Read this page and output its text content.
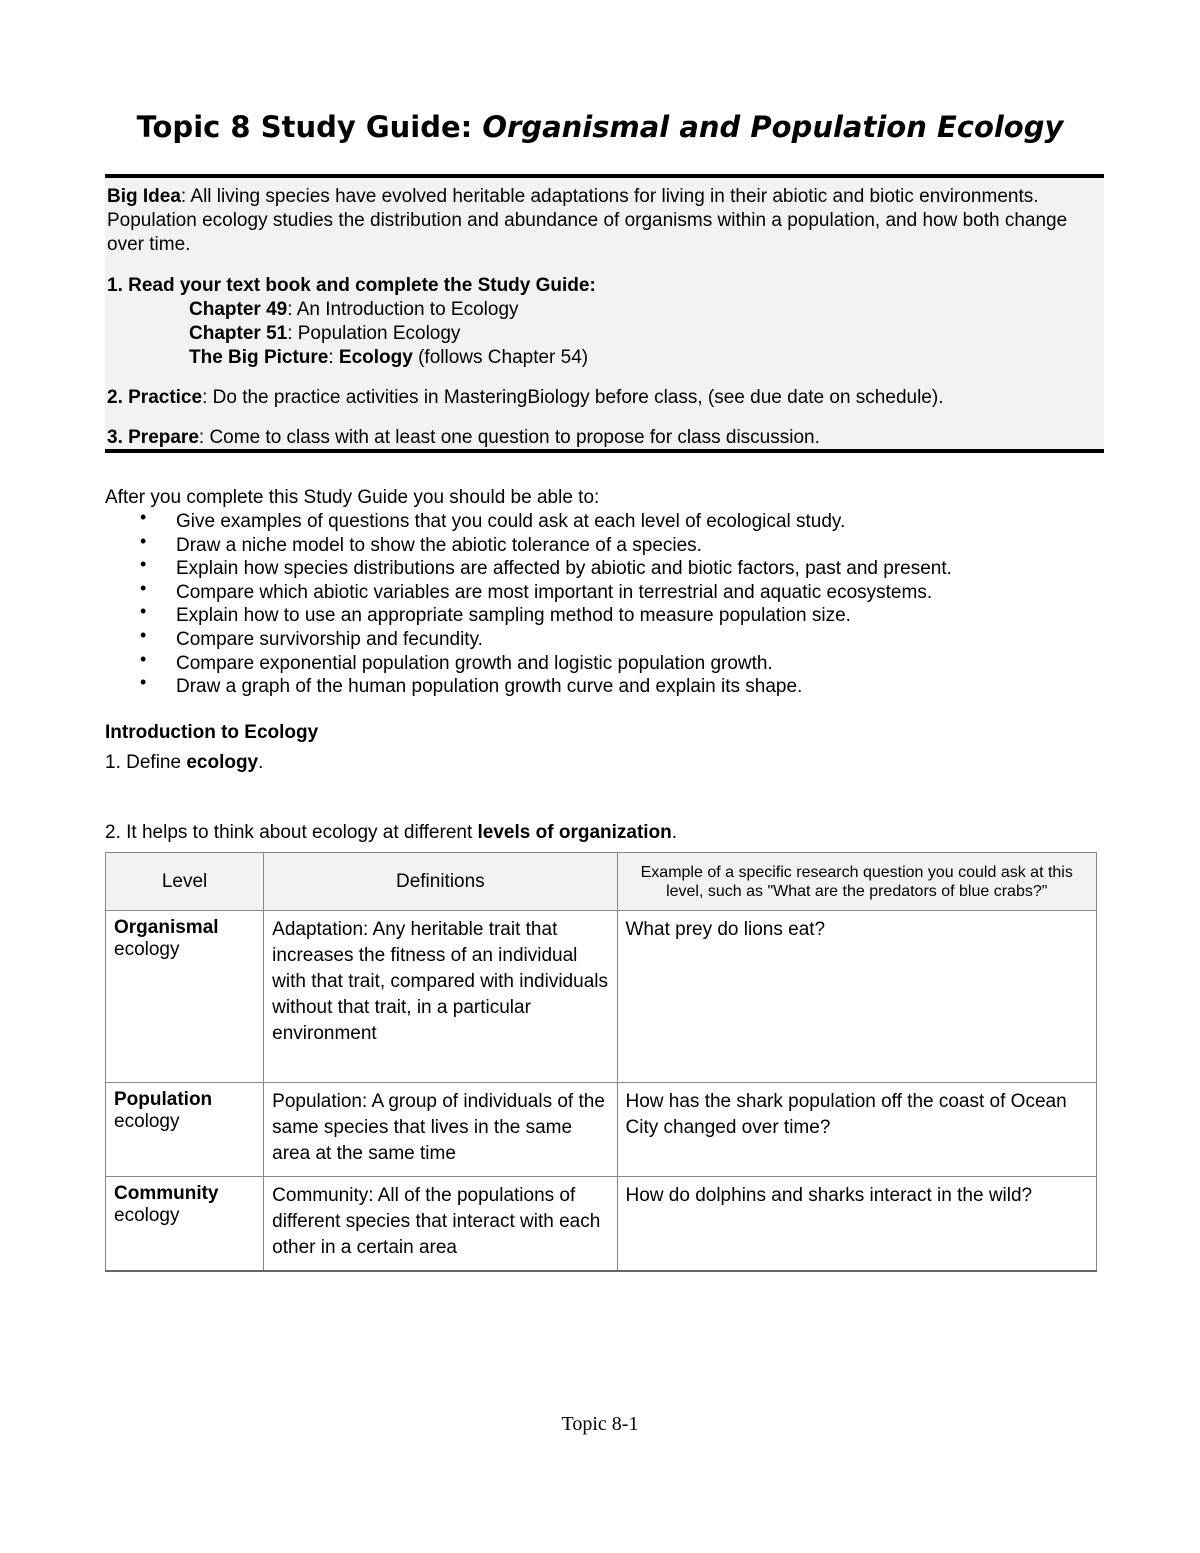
Topic 8 Study Guide: Organismal and Population Ecology

Big Idea: All living species have evolved heritable adaptations for living in their abiotic and biotic environments. Population ecology studies the distribution and abundance of organisms within a population, and how both change over time.

1. Read your text book and complete the Study Guide:

Chapter 49: An Introduction to Ecology

Chapter 51: Population Ecology

The Big Picture: Ecology (follows Chapter 54)

2. Practice: Do the practice activities in MasteringBiology before class, (see due date on schedule).

3. Prepare: Come to class with at least one question to propose for class discussion.

After you complete this Study Guide you should be able to:
• Give examples of questions that you could ask at each level of ecological study.
• Draw a niche model to show the abiotic tolerance of a species.
• Explain how species distributions are affected by abiotic and biotic factors, past and present.
• Compare which abiotic variables are most important in terrestrial and aquatic ecosystems.
• Explain how to use an appropriate sampling method to measure population size.
• Compare survivorship and fecundity.
• Compare exponential population growth and logistic population growth.
• Draw a graph of the human population growth curve and explain its shape.
Introduction to Ecology
1. Define ecology.
2. It helps to think about ecology at different levels of organization.
Level	Definitions	Example of a specific research question you could ask at this level, such as "What are the predators of blue crabs?"
Organismal
ecology	Adaptation: Any heritable trait that increases the fitness of an individual with that trait, compared with individuals without that trait, in a particular environment	What prey do lions eat?
Population
ecology	Population: A group of individuals of the same species that lives in the same area at the same time	How has the shark population off the coast of Ocean City changed over time?
Community
ecology	Community: All of the populations of different species that interact with each other in a certain area	How do dolphins and sharks interact in the wild?
Topic 8-1
